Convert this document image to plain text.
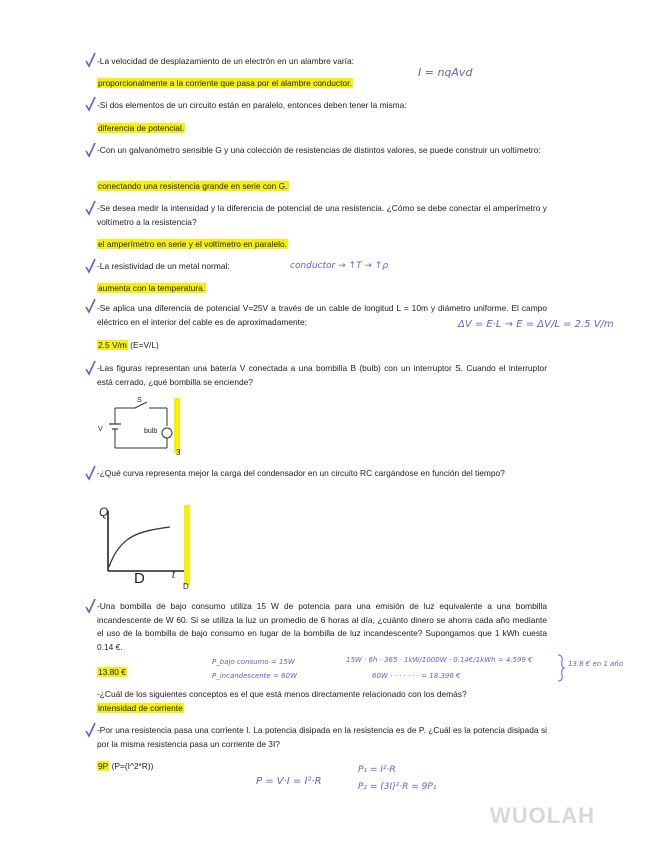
-La velocidad de desplazamiento de un electrón en un alambre varía:
proporcionalmente a la corriente que pasa por el alambre conductor.
I = nqAvd
-Si dos elementos de un circuito están en paralelo, entonces deben tener la misma:
diferencia de potencial.
-Con un galvanómetro sensible G y una colección de resistencias de distintos valores, se puede construir un voltímetro:
conectando una resistencia grande en serie con G.
-Se desea medir la intensidad y la diferencia de potencial de una resistencia. ¿Cómo se debe conectar el amperímetro y voltímetro a la resistencia?
el amperímetro en serie y el voltímetro en paralelo.
-La resistividad de un metal normal:
aumenta con la temperatura.
conductor → ↑T → ↑ρ
-Se aplica una diferencia de potencial V=25V a través de un cable de longitud L = 10m y diámetro uniforme. El campo eléctrico en el interior del cable es de aproximadamente:
2.5 V/m (E=V/L)
ΔV = E·L → E = ΔV/L = 2.5 V/m
-Las figuras representan una batería V conectada a una bombilla B (bulb) con un interruptor S. Cuando el interruptor está cerrado, ¿qué bombilla se enciende?
S
V	bulb
3
-¿Qué curva representa mejor la carga del condensador en un circuito RC cargándose en función del tiempo?
Q
t
D	D
-Una bombilla de bajo consumo utiliza 15 W de potencia para una emisión de luz equivalente a una bombilla incandescente de W 60. Si se utiliza la luz un promedio de 6 horas al día, ¿cuánto dinero se ahorra cada año mediante el uso de la bombilla de bajo consumo en lugar de la bombilla de luz incandescente? Supongamos que 1 kWh cuesta 0.14 €.
13.80 €
P_bajo consumo = 15W
P_incandescente = 60W
15W · 6h · 365 · 1kW/1000W · 0.14€/1kWh = 4.599 €
60W · · · · · · · = 18.396 €
13.8 € en 1 año
-¿Cuál de los siguientes conceptos es el que está menos directamente relacionado con los demás?
intensidad de corriente
-Por una resistencia pasa una corriente I. La potencia disipada en la resistencia es de P. ¿Cuál es la potencia disipada si por la misma resistencia pasa un corriente de 3I?
9P (P=(I^2*R))
P = V·I = I²·R
P₁ = I²·R
P₂ = (3I)²·R = 9P₁
WUOLAH
